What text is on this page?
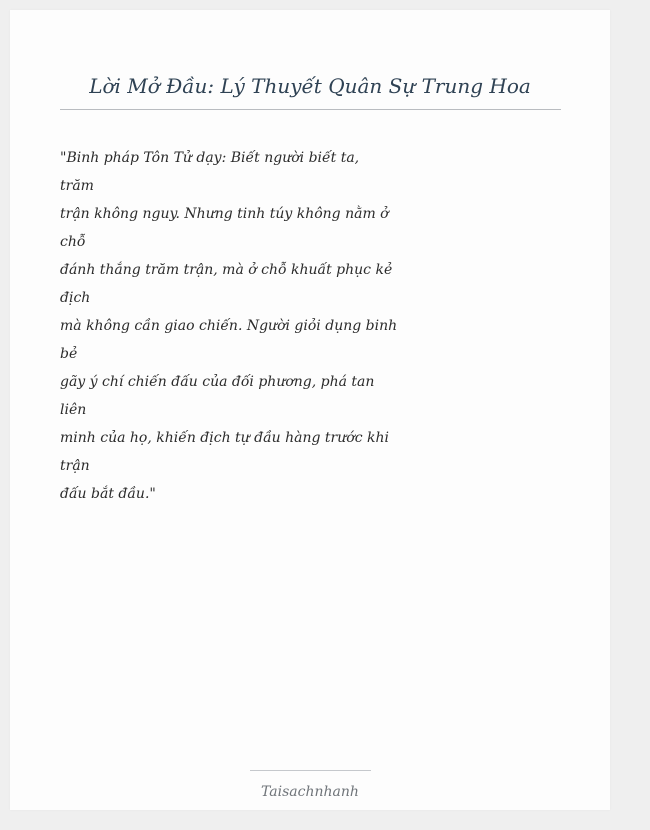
Lời Mở Đầu: Lý Thuyết Quân Sự Trung Hoa
"Binh pháp Tôn Tử dạy: Biết người biết ta,
trăm
trận không nguy. Nhưng tinh túy không nằm ở
chỗ
đánh thắng trăm trận, mà ở chỗ khuất phục kẻ
địch
mà không cần giao chiến. Người giỏi dụng binh
bẻ
gãy ý chí chiến đấu của đối phương, phá tan
liên
minh của họ, khiến địch tự đầu hàng trước khi
trận
đấu bắt đầu."
Taisachnhanh
